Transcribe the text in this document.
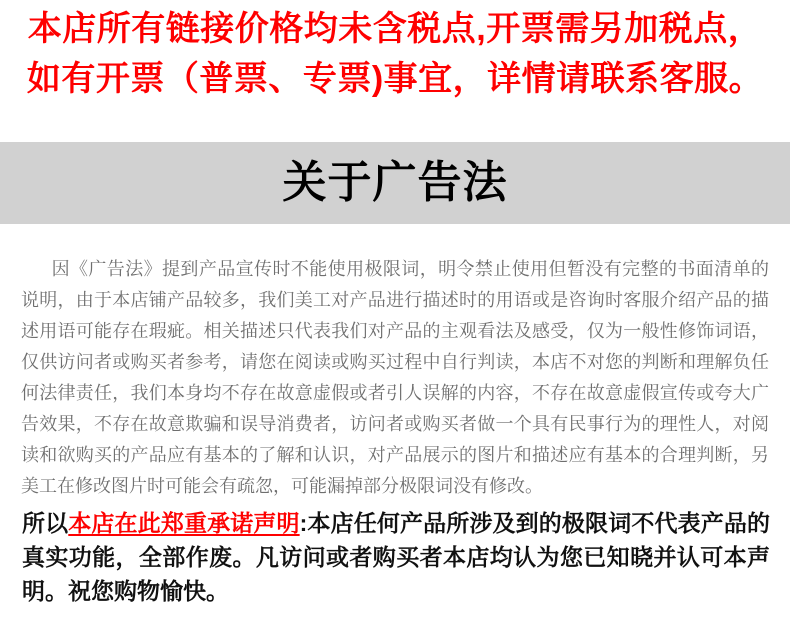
本店所有链接价格均未含税点,开票需另加税点，
如有开票（普票、专票)事宜，详情请联系客服。
关于广告法

因《广告法》提到产品宣传时不能使用极限词，明令禁止使用但暂没有完整的书面清单的说明，由于本店铺产品较多，我们美工对产品进行描述时的用语或是咨询时客服介绍产品的描述用语可能存在瑕疵。相关描述只代表我们对产品的主观看法及感受，仅为一般性修饰词语，仅供访问者或购买者参考，请您在阅读或购买过程中自行判读，本店不对您的判断和理解负任何法律责任，我们本身均不存在故意虚假或者引人误解的内容，不存在故意虚假宣传或夸大广告效果，不存在故意欺骗和误导消费者，访问者或购买者做一个具有民事行为的理性人，对阅读和欲购买的产品应有基本的了解和认识，对产品展示的图片和描述应有基本的合理判断，另美工在修改图片时可能会有疏忽，可能漏掉部分极限词没有修改。

所以本店在此郑重承诺声明:本店任何产品所涉及到的极限词不代表产品的真实功能，全部作废。凡访问或者购买者本店均认为您已知晓并认可本声明。祝您购物愉快。
